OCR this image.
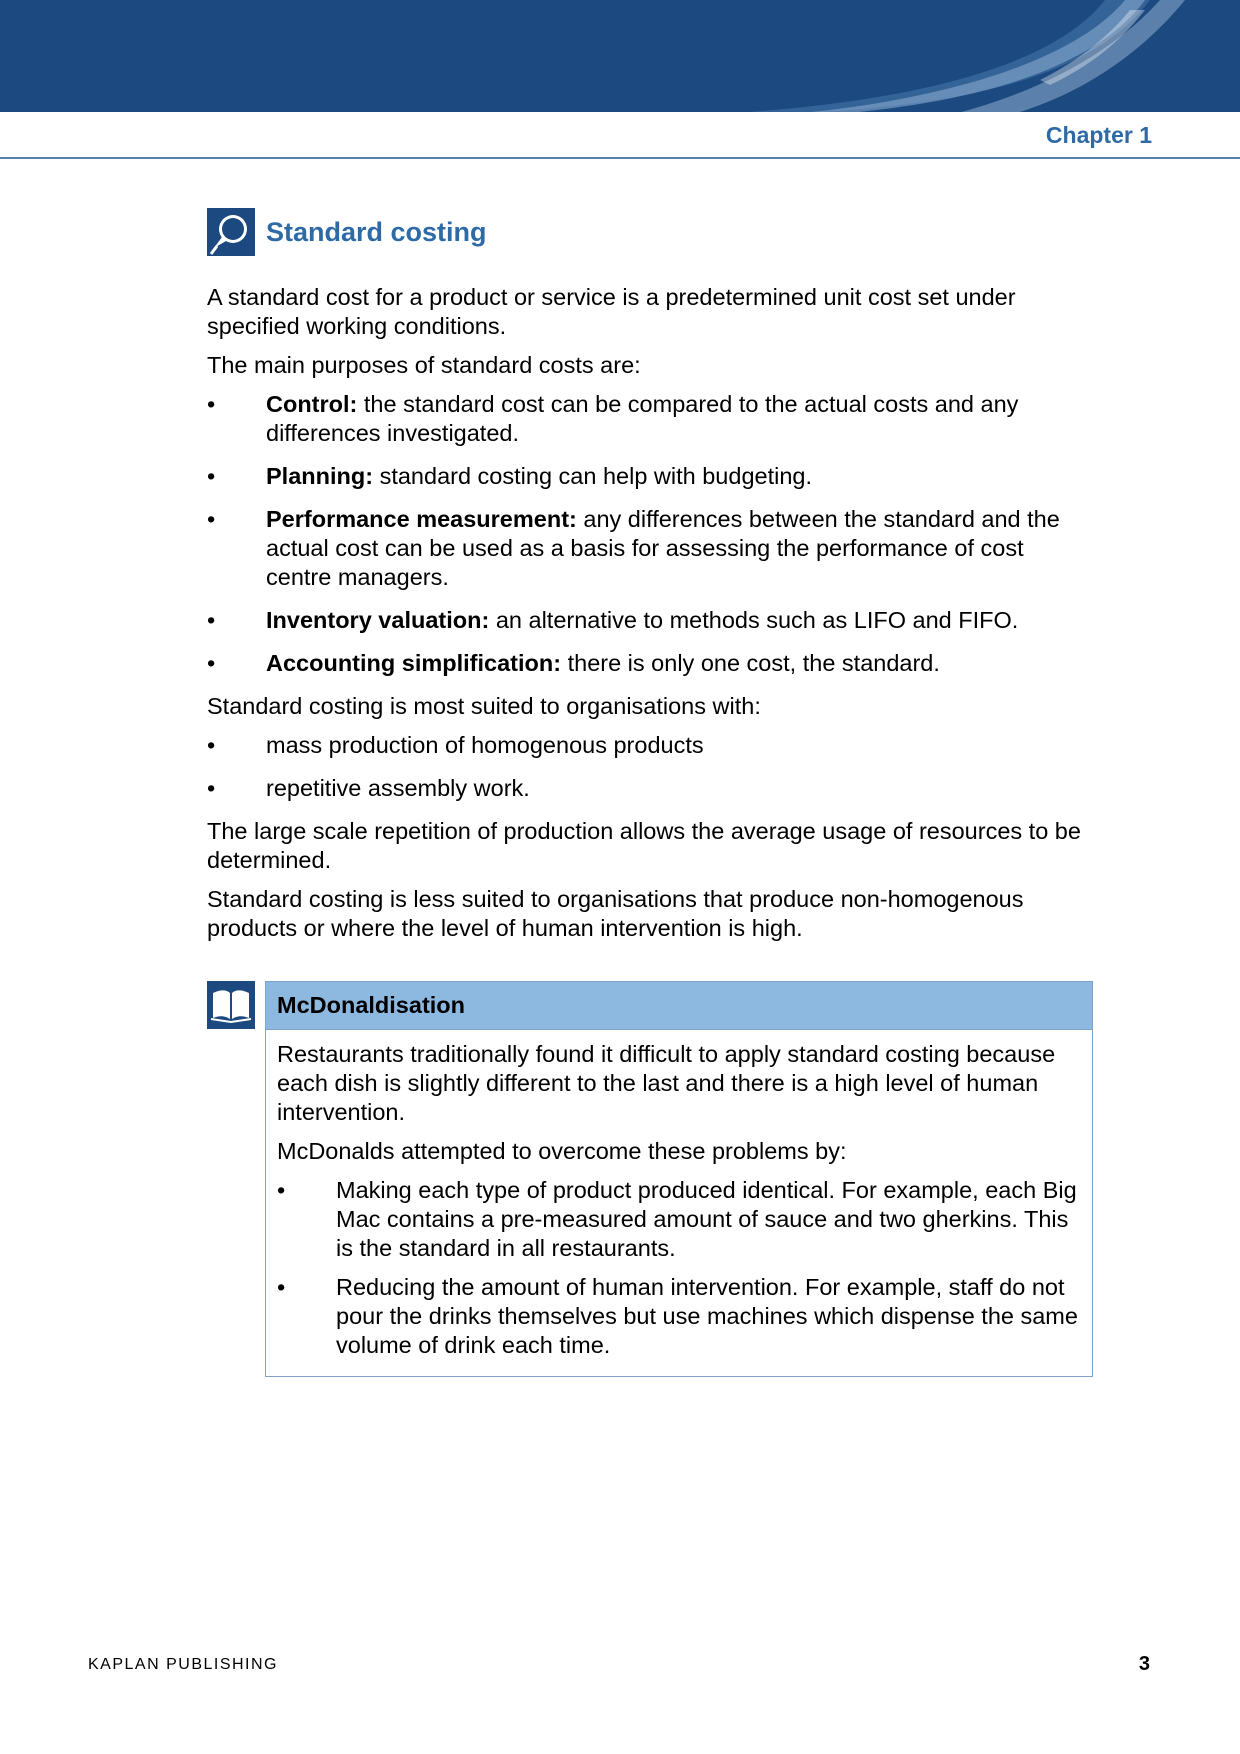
Chapter 1
Standard costing

A standard cost for a product or service is a predetermined unit cost set under specified working conditions.

The main purposes of standard costs are:

• Control: the standard cost can be compared to the actual costs and any differences investigated.
• Planning: standard costing can help with budgeting.
• Performance measurement: any differences between the standard and the actual cost can be used as a basis for assessing the performance of cost centre managers.
• Inventory valuation: an alternative to methods such as LIFO and FIFO.
• Accounting simplification: there is only one cost, the standard.

Standard costing is most suited to organisations with:

• mass production of homogenous products
• repetitive assembly work.

The large scale repetition of production allows the average usage of resources to be determined.

Standard costing is less suited to organisations that produce non-homogenous products or where the level of human intervention is high.

McDonaldisation

Restaurants traditionally found it difficult to apply standard costing because each dish is slightly different to the last and there is a high level of human intervention.

McDonalds attempted to overcome these problems by:

• Making each type of product produced identical. For example, each Big Mac contains a pre-measured amount of sauce and two gherkins. This is the standard in all restaurants.
• Reducing the amount of human intervention. For example, staff do not pour the drinks themselves but use machines which dispense the same volume of drink each time.
KAPLAN PUBLISHING	3
